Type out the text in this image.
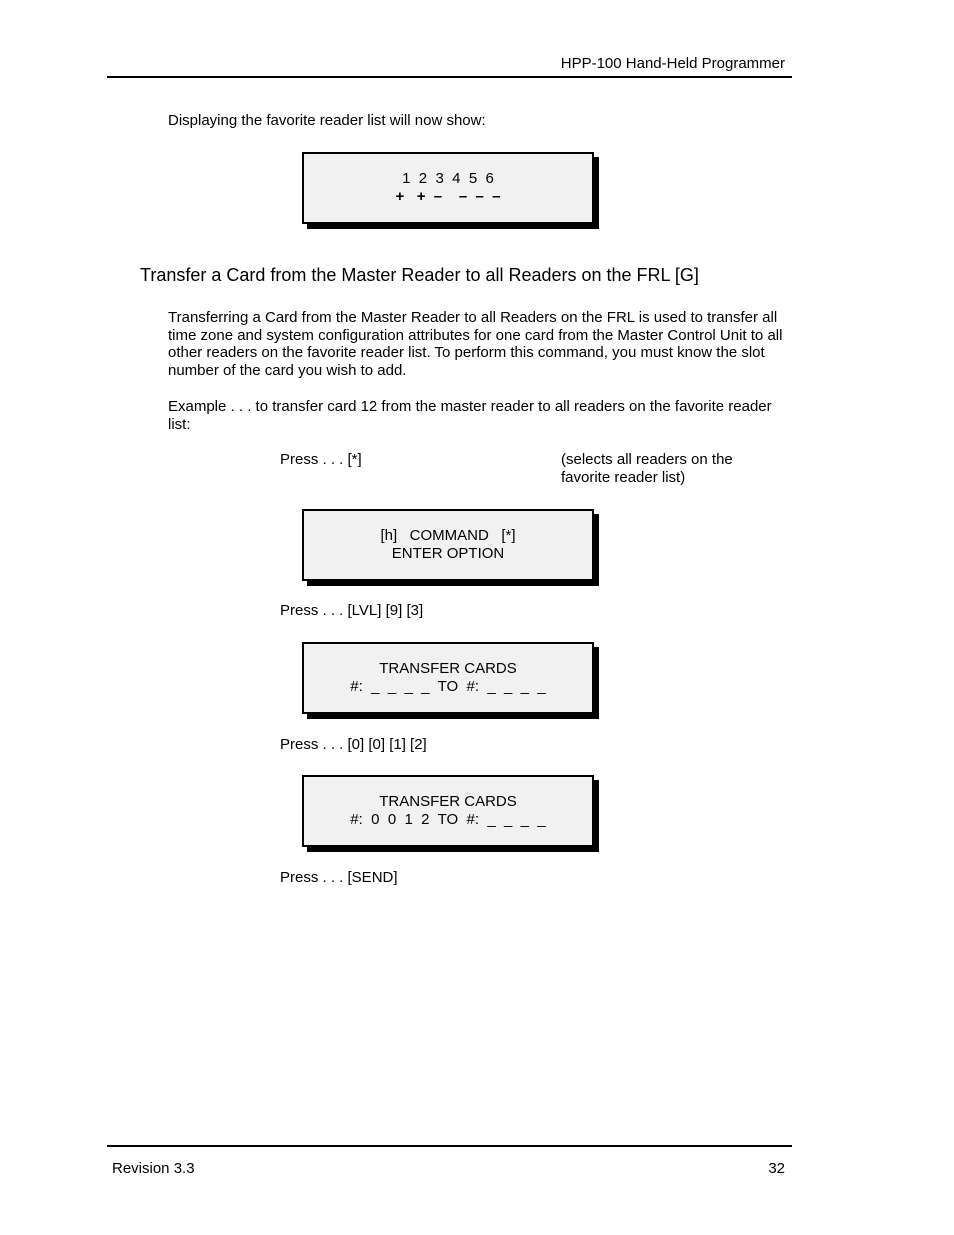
HPP-100 Hand-Held Programmer

Displaying the favorite reader list will now show:

1  2  3  4  5  6
+   +  –    –  –  –
Transfer a Card from the Master Reader to all Readers on the FRL [G]

Transferring a Card from the Master Reader to all Readers on the FRL is used to transfer all time zone and system configuration attributes for one card from the Master Control Unit to all other readers on the favorite reader list. To perform this command, you must know the slot number of the card you wish to add.

Example . . . to transfer card 12 from the master reader to all readers on the favorite reader list:

Press . . . [*]	(selects all readers on the favorite reader list)
[h]   COMMAND   [*]
ENTER OPTION
Press . . . [LVL] [9] [3]
TRANSFER CARDS
#:  _  _  _  _  TO  #:  _  _  _  _
Press . . . [0] [0] [1] [2]
TRANSFER CARDS
#:  0  0  1  2  TO  #:  _  _  _  _
Press . . . [SEND]
Revision 3.3	32
